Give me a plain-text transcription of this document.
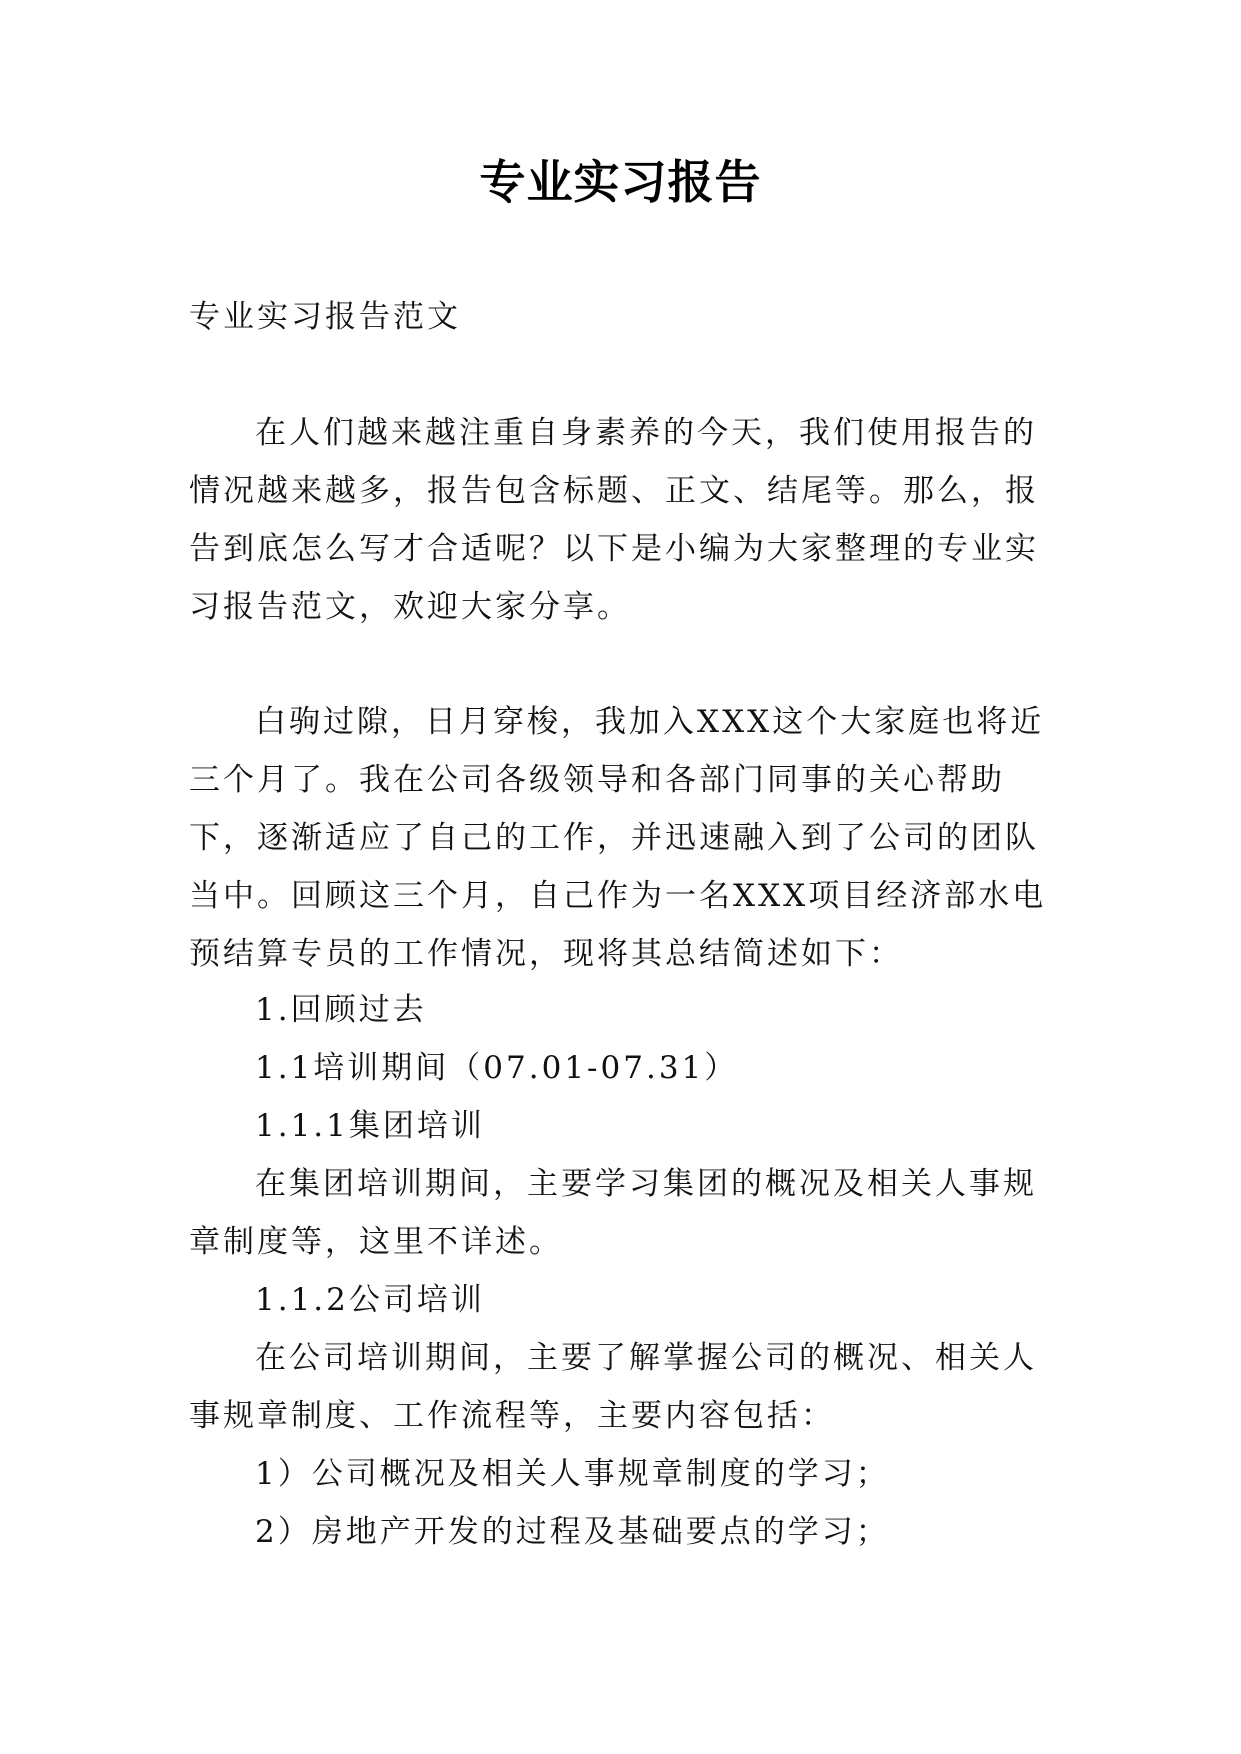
专业实习报告
专业实习报告范文
在人们越来越注重自身素养的今天，我们使用报告的情况越来越多，报告包含标题、正文、结尾等。那么，报告到底怎么写才合适呢？以下是小编为大家整理的专业实习报告范文，欢迎大家分享。
白驹过隙，日月穿梭，我加入XXX这个大家庭也将近三个月了。我在公司各级领导和各部门同事的关心帮助下，逐渐适应了自己的工作，并迅速融入到了公司的团队当中。回顾这三个月，自己作为一名XXX项目经济部水电预结算专员的工作情况，现将其总结简述如下：
1.回顾过去
1.1培训期间（07.01-07.31）
1.1.1集团培训
在集团培训期间，主要学习集团的概况及相关人事规章制度等，这里不详述。
1.1.2公司培训
在公司培训期间，主要了解掌握公司的概况、相关人事规章制度、工作流程等，主要内容包括：
1）公司概况及相关人事规章制度的学习；
2）房地产开发的过程及基础要点的学习；
